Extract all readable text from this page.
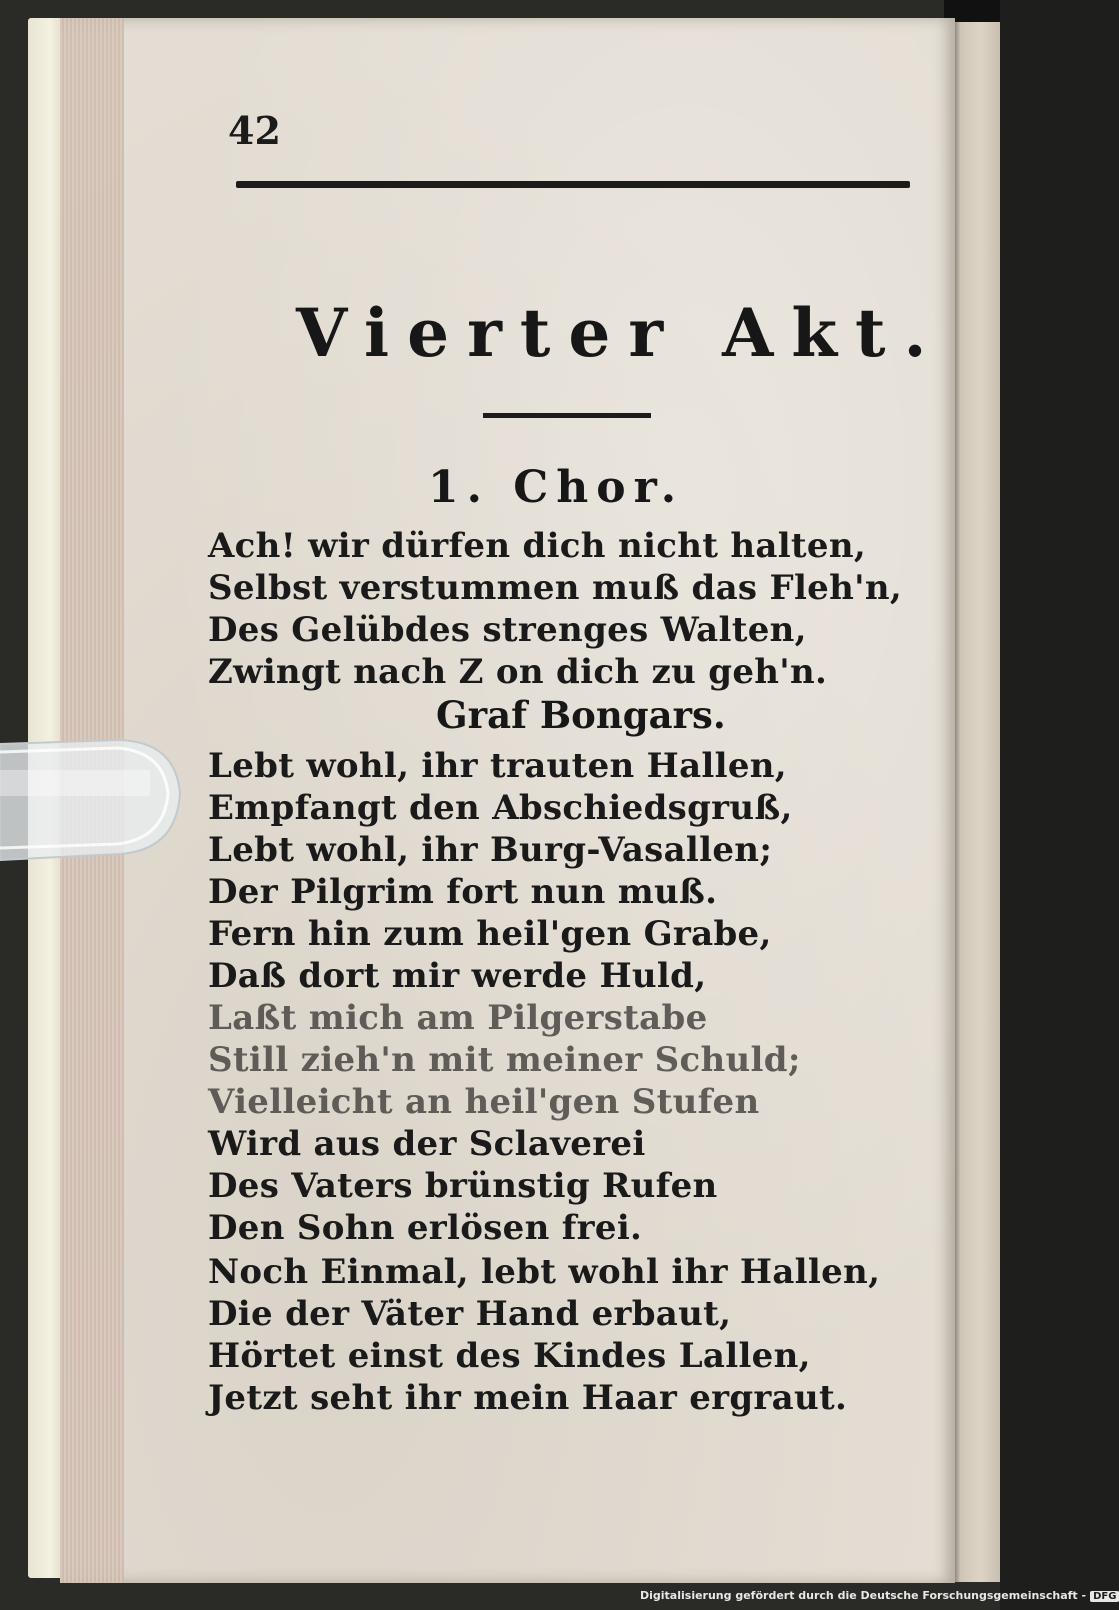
42
Vierter Akt.
1. Chor.
Ach! wir dürfen dich nicht halten,
Selbst verstummen muß das Fleh'n,
Des Gelübdes strenges Walten,
Zwingt nach Z on dich zu geh'n.
Graf Bongars.
Lebt wohl, ihr trauten Hallen,
Empfangt den Abschiedsgruß,
Lebt wohl, ihr Burg-Vasallen;
Der Pilgrim fort nun muß.
Fern hin zum heil'gen Grabe,
Daß dort mir werde Huld,
Laßt mich am Pilgerstabe
Still zieh'n mit meiner Schuld;
Vielleicht an heil'gen Stufen
Wird aus der Sclaverei
Des Vaters brünstig Rufen
Den Sohn erlösen frei.
Noch Einmal, lebt wohl ihr Hallen,
Die der Väter Hand erbaut,
Hörtet einst des Kindes Lallen,
Jetzt seht ihr mein Haar ergraut.
Digitalisierung gefördert durch die Deutsche Forschungsgemeinschaft - DFG
